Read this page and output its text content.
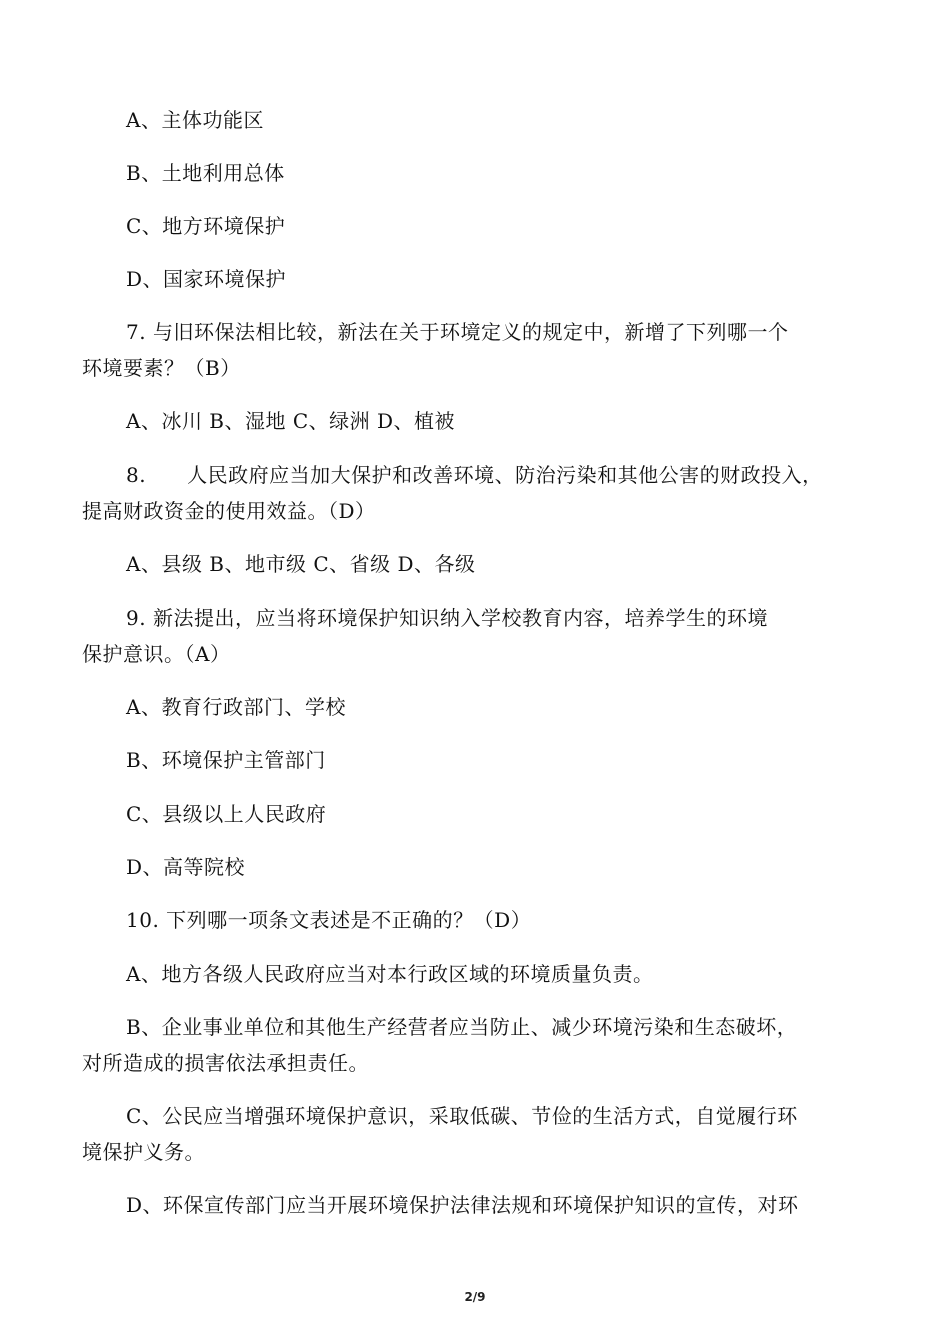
A、主体功能区
B、土地利用总体
C、地方环境保护
D、国家环境保护
7. 与旧环保法相比较，新法在关于环境定义的规定中，新增了下列哪一个
环境要素？（B）
A、冰川 B、湿地 C、绿洲 D、植被
8.　　人民政府应当加大保护和改善环境、防治污染和其他公害的财政投入，
提高财政资金的使用效益。（D）
A、县级 B、地市级 C、省级 D、各级
9. 新法提出，应当将环境保护知识纳入学校教育内容，培养学生的环境
保护意识。（A）
A、教育行政部门、学校
B、环境保护主管部门
C、县级以上人民政府
D、高等院校
10. 下列哪一项条文表述是不正确的？（D）
A、地方各级人民政府应当对本行政区域的环境质量负责。
B、企业事业单位和其他生产经营者应当防止、减少环境污染和生态破坏，
对所造成的损害依法承担责任。
C、公民应当增强环境保护意识，采取低碳、节俭的生活方式，自觉履行环
境保护义务。
D、环保宣传部门应当开展环境保护法律法规和环境保护知识的宣传，对环
2/9
